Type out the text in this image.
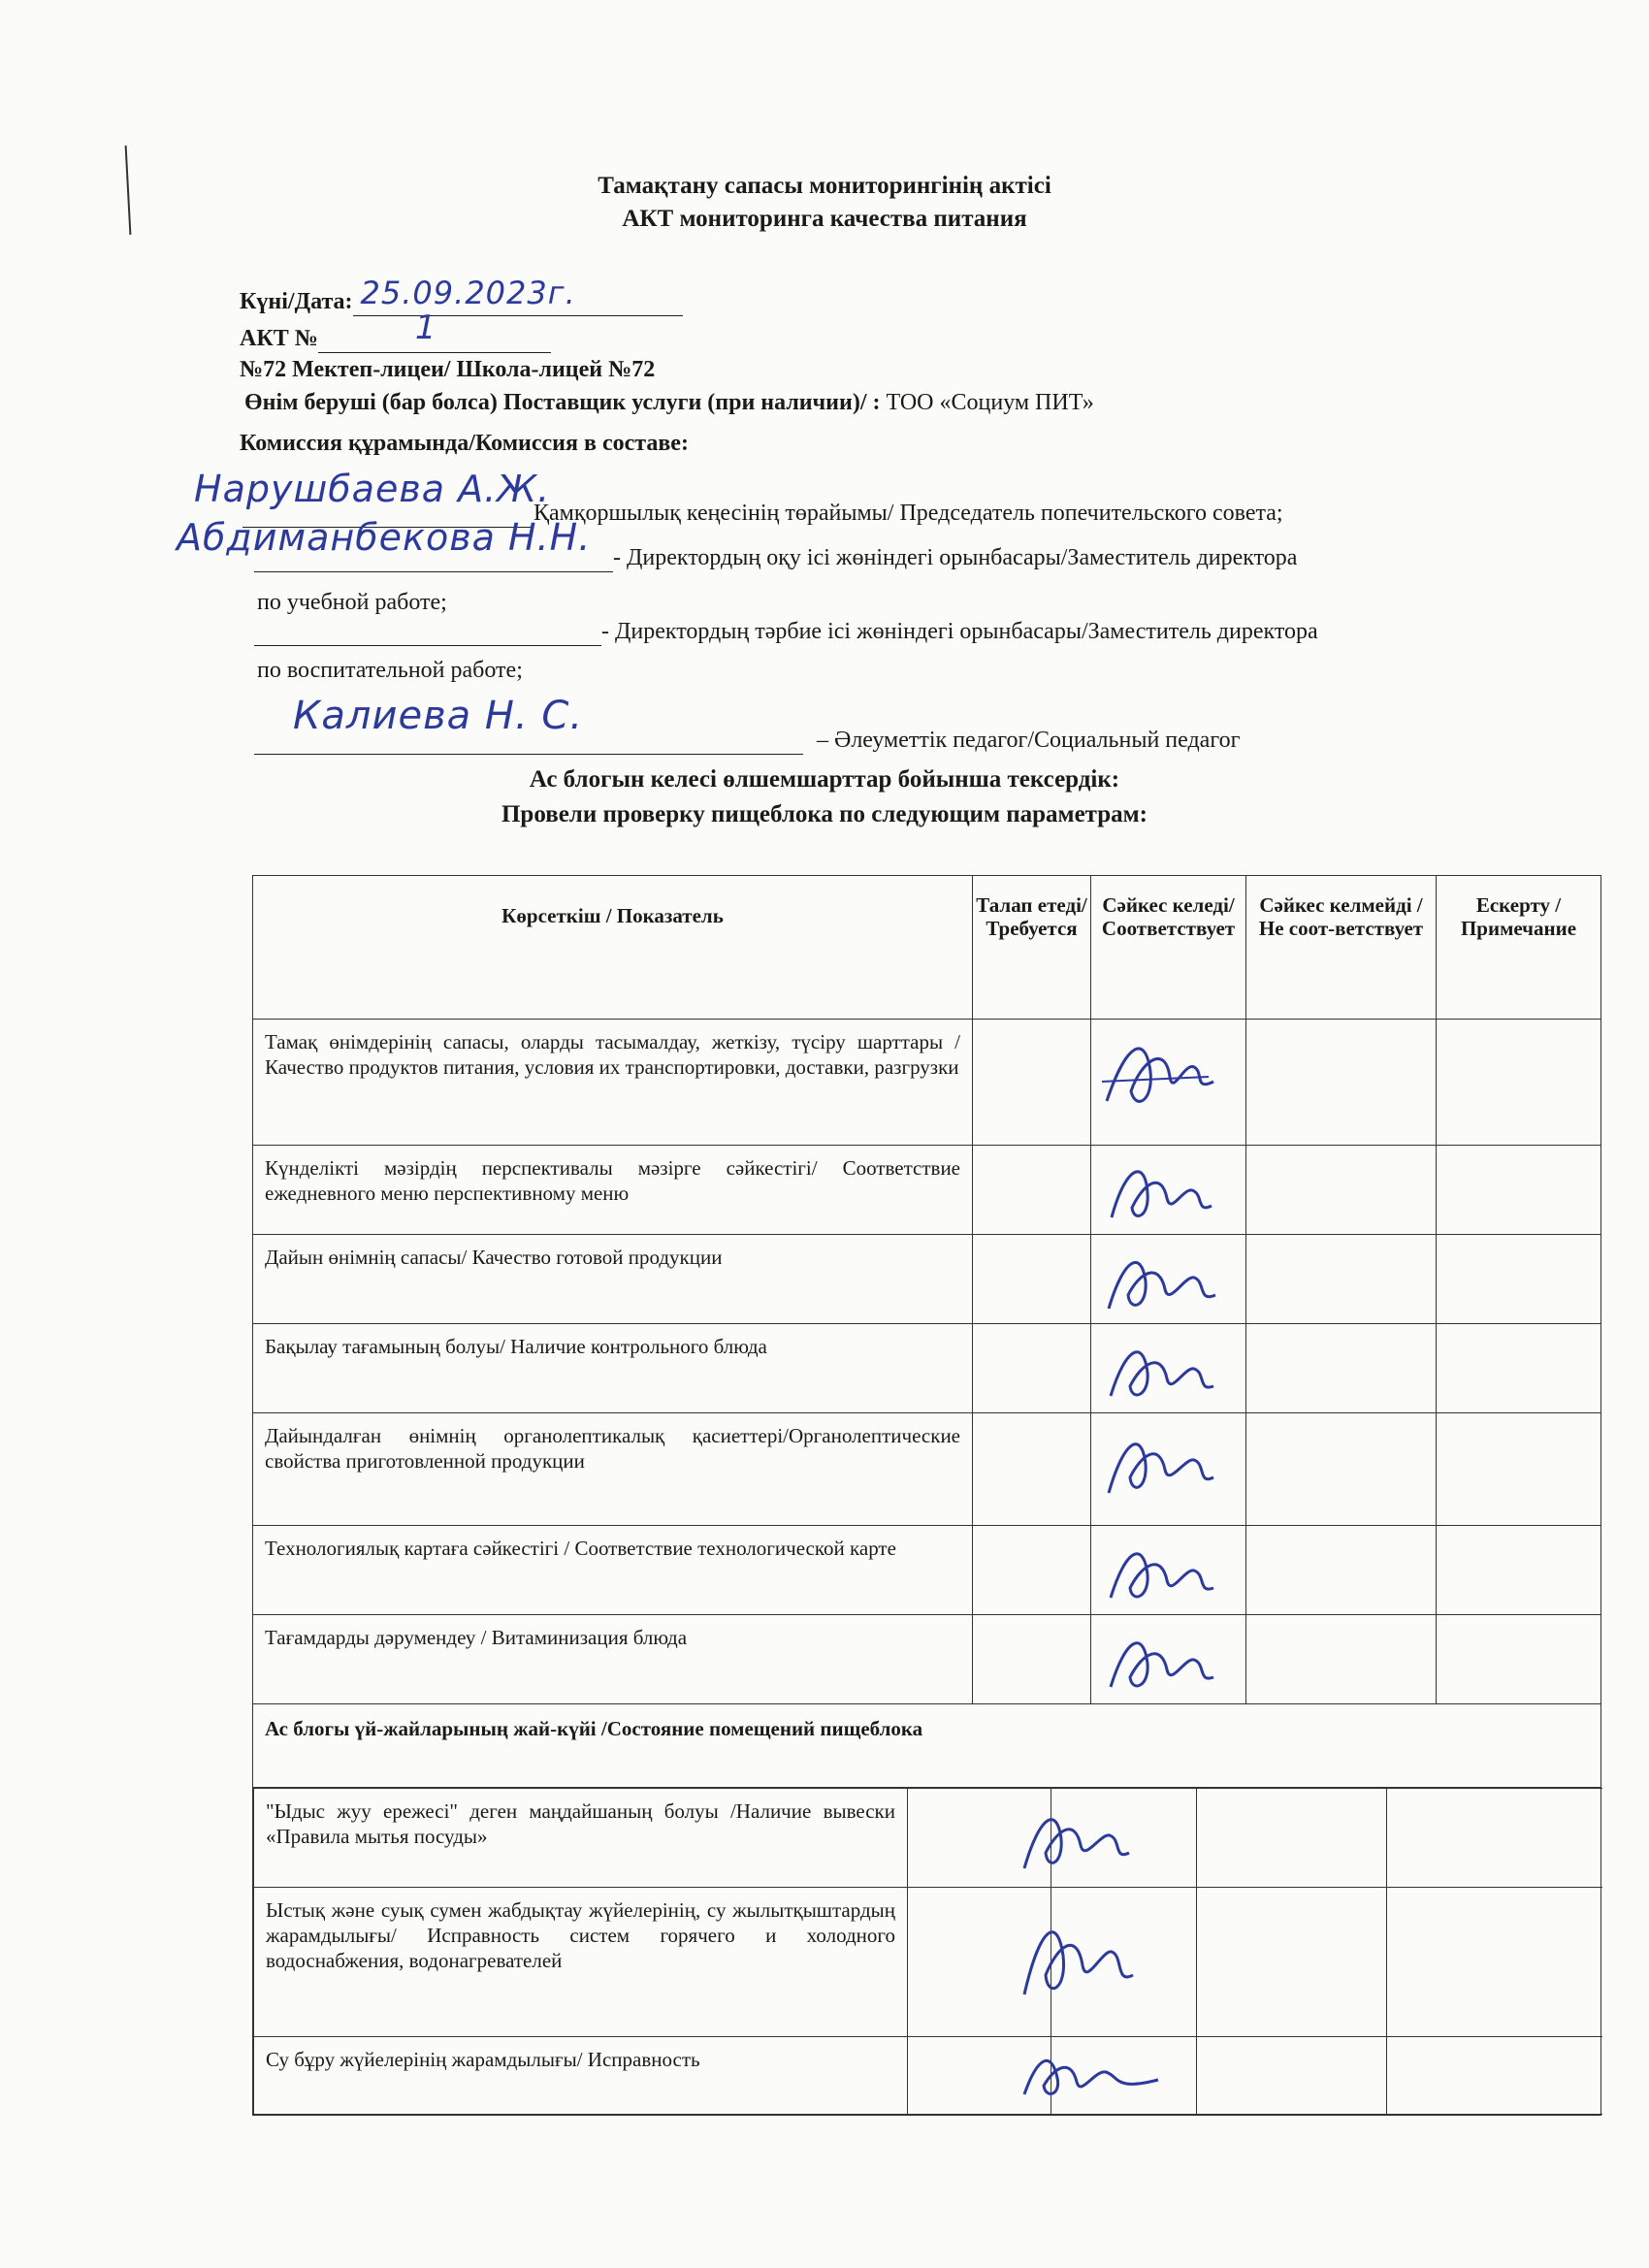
Тамақтану сапасы мониторингінің актісі
АКТ мониторинга качества питания
Күні/Дата: 25.09.2023г.
АКТ №	1
№72 Мектеп-лицеи/ Школа-лицей №72
Өнім беруші (бар болса) Поставщик услуги (при наличии)/ : ТОО «Социум ПИТ»
Комиссия құрамында/Комиссия в составе:
Нарушбаева А.Ж.
Қамқоршылық кеңесінің төрайымы/ Председатель попечительского совета;
Абдиманбекова Н.Н. - Директордың оқу ісі жөніндегі орынбасары/Заместитель директора
по учебной работе;
- Директордың тәрбие ісі жөніндегі орынбасары/Заместитель директора
по воспитательной работе;
Калиева Н. С.
– Әлеуметтік педагог/Социальный педагог
Ас блогын келесі өлшемшарттар бойынша тексердік:
Провели проверку пищеблока по следующим параметрам:
Көрсеткіш / Показатель	Талап етеді/ Требуется	Сәйкес келеді/ Соответствует	Сәйкес келмейді / Не соот-ветствует	Ескерту /Примечание
Тамақ өнімдерінің сапасы, оларды тасымалдау, жеткізу, түсіру шарттары / Качество продуктов питания, условия их транспортировки, доставки, разгрузки		

Күнделікті мәзірдің перспективалы мәзірге сәйкестігі/ Соответствие ежедневного меню перспективному меню		

Дайын өнімнің сапасы/ Качество готовой продукции		

Бақылау тағамының болуы/ Наличие контрольного блюда		

Дайындалған өнімнің органолептикалық қасиеттері/Органолептические свойства приготовленной продукции		

Технологиялық картаға сәйкестігі / Соответствие технологической карте		

Тағамдарды дәрумендеу / Витаминизация блюда		

Ас блогы үй-жайларының жай-күйі /Состояние помещений пищеблока

"Ыдыс жуу ережесі" деген маңдайшаның болуы /Наличие вывески «Правила мытья посуды»		

Ыстық және суық сумен жабдықтау жүйелерінің, су жылытқыштардың жарамдылығы/ Исправность систем горячего и холодного водоснабжения, водонагревателей		

Су бұру жүйелерінің жарамдылығы/ Исправность		
